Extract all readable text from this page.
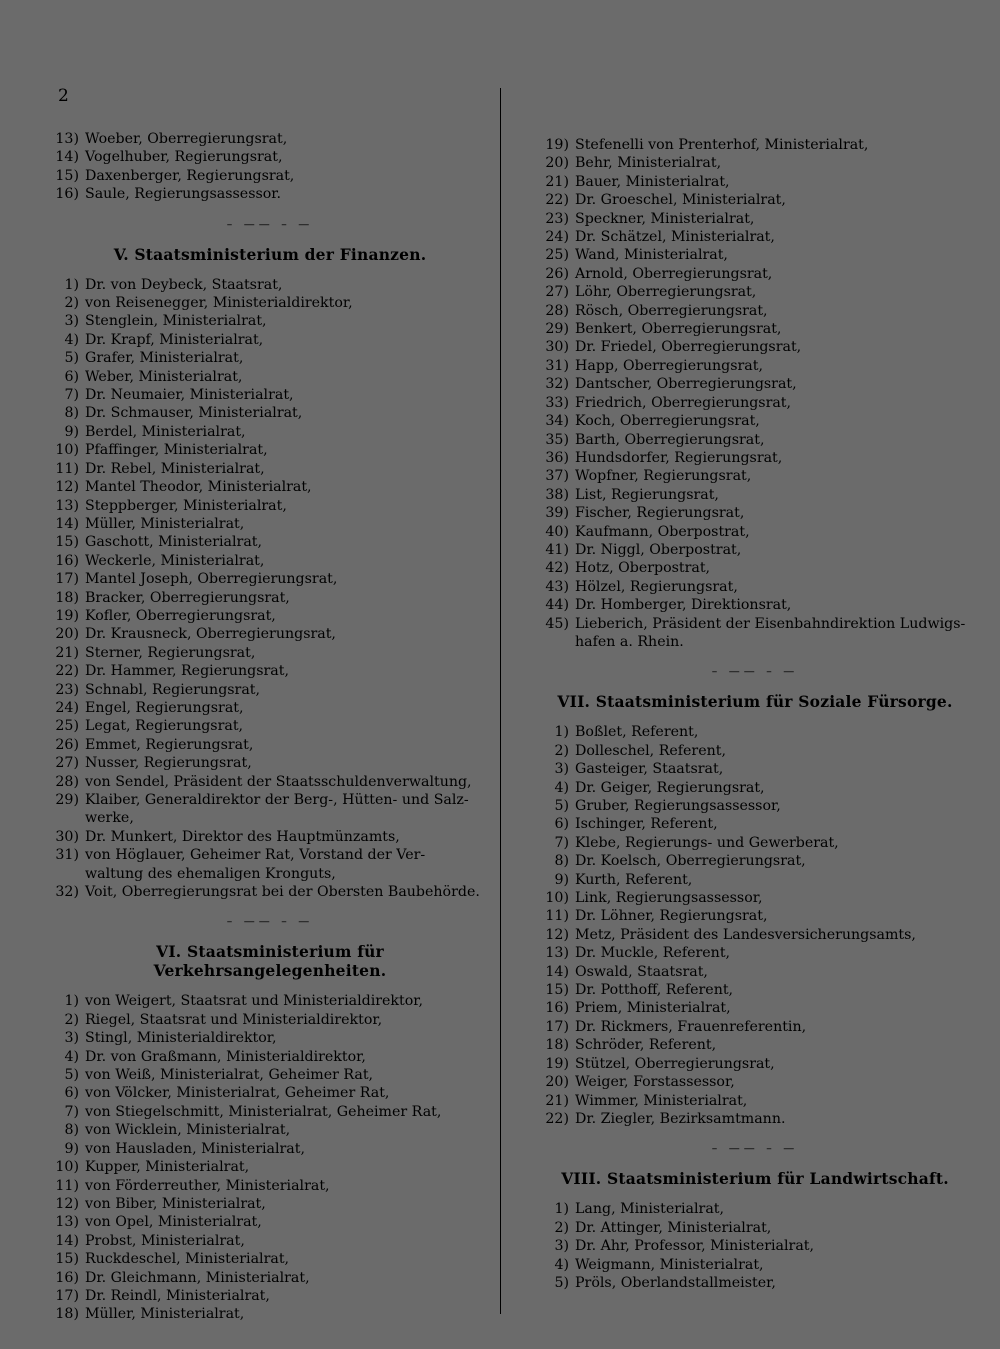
2
13) Woeber, Oberregierungsrat,
14) Vogelhuber, Regierungsrat,
15) Daxenberger, Regierungsrat,
16) Saule, Regierungsassessor.
– —— – —
V. Staatsministerium der Finanzen.
1) Dr. von Deybeck, Staatsrat,
2) von Reisenegger, Ministerialdirektor,
3) Stenglein, Ministerialrat,
4) Dr. Krapf, Ministerialrat,
5) Grafer, Ministerialrat,
6) Weber, Ministerialrat,
7) Dr. Neumaier, Ministerialrat,
8) Dr. Schmauser, Ministerialrat,
9) Berdel, Ministerialrat,
10) Pfaffinger, Ministerialrat,
11) Dr. Rebel, Ministerialrat,
12) Mantel Theodor, Ministerialrat,
13) Steppberger, Ministerialrat,
14) Müller, Ministerialrat,
15) Gaschott, Ministerialrat,
16) Weckerle, Ministerialrat,
17) Mantel Joseph, Oberregierungsrat,
18) Bracker, Oberregierungsrat,
19) Kofler, Oberregierungsrat,
20) Dr. Krausneck, Oberregierungsrat,
21) Sterner, Regierungsrat,
22) Dr. Hammer, Regierungsrat,
23) Schnabl, Regierungsrat,
24) Engel, Regierungsrat,
25) Legat, Regierungsrat,
26) Emmet, Regierungsrat,
27) Nusser, Regierungsrat,
28) von Sendel, Präsident der Staatsschuldenverwaltung,
29) Klaiber, Generaldirektor der Berg-, Hütten- und Salz-
werke,
30) Dr. Munkert, Direktor des Hauptmünzamts,
31) von Höglauer, Geheimer Rat, Vorstand der Ver-
waltung des ehemaligen Kronguts,
32) Voit, Oberregierungsrat bei der Obersten Baubehörde.
– —— – —
VI. Staatsministerium für Verkehrsangelegenheiten.
1) von Weigert, Staatsrat und Ministerialdirektor,
2) Riegel, Staatsrat und Ministerialdirektor,
3) Stingl, Ministerialdirektor,
4) Dr. von Graßmann, Ministerialdirektor,
5) von Weiß, Ministerialrat, Geheimer Rat,
6) von Völcker, Ministerialrat, Geheimer Rat,
7) von Stiegelschmitt, Ministerialrat, Geheimer Rat,
8) von Wicklein, Ministerialrat,
9) von Hausladen, Ministerialrat,
10) Kupper, Ministerialrat,
11) von Förderreuther, Ministerialrat,
12) von Biber, Ministerialrat,
13) von Opel, Ministerialrat,
14) Probst, Ministerialrat,
15) Ruckdeschel, Ministerialrat,
16) Dr. Gleichmann, Ministerialrat,
17) Dr. Reindl, Ministerialrat,
18) Müller, Ministerialrat,
19) Stefenelli von Prenterhof, Ministerialrat,
20) Behr, Ministerialrat,
21) Bauer, Ministerialrat,
22) Dr. Groeschel, Ministerialrat,
23) Speckner, Ministerialrat,
24) Dr. Schätzel, Ministerialrat,
25) Wand, Ministerialrat,
26) Arnold, Oberregierungsrat,
27) Löhr, Oberregierungsrat,
28) Rösch, Oberregierungsrat,
29) Benkert, Oberregierungsrat,
30) Dr. Friedel, Oberregierungsrat,
31) Happ, Oberregierungsrat,
32) Dantscher, Oberregierungsrat,
33) Friedrich, Oberregierungsrat,
34) Koch, Oberregierungsrat,
35) Barth, Oberregierungsrat,
36) Hundsdorfer, Regierungsrat,
37) Wopfner, Regierungsrat,
38) List, Regierungsrat,
39) Fischer, Regierungsrat,
40) Kaufmann, Oberpostrat,
41) Dr. Niggl, Oberpostrat,
42) Hotz, Oberpostrat,
43) Hölzel, Regierungsrat,
44) Dr. Homberger, Direktionsrat,
45) Lieberich, Präsident der Eisenbahndirektion Ludwigs-
hafen a. Rhein.
– —— – —
VII. Staatsministerium für Soziale Fürsorge.
1) Boßlet, Referent,
2) Dolleschel, Referent,
3) Gasteiger, Staatsrat,
4) Dr. Geiger, Regierungsrat,
5) Gruber, Regierungsassessor,
6) Ischinger, Referent,
7) Klebe, Regierungs- und Gewerberat,
8) Dr. Koelsch, Oberregierungsrat,
9) Kurth, Referent,
10) Link, Regierungsassessor,
11) Dr. Löhner, Regierungsrat,
12) Metz, Präsident des Landesversicherungsamts,
13) Dr. Muckle, Referent,
14) Oswald, Staatsrat,
15) Dr. Potthoff, Referent,
16) Priem, Ministerialrat,
17) Dr. Rickmers, Frauenreferentin,
18) Schröder, Referent,
19) Stützel, Oberregierungsrat,
20) Weiger, Forstassessor,
21) Wimmer, Ministerialrat,
22) Dr. Ziegler, Bezirksamtmann.
– —— – —
VIII. Staatsministerium für Landwirtschaft.
1) Lang, Ministerialrat,
2) Dr. Attinger, Ministerialrat,
3) Dr. Ahr, Professor, Ministerialrat,
4) Weigmann, Ministerialrat,
5) Pröls, Oberlandstallmeister,
